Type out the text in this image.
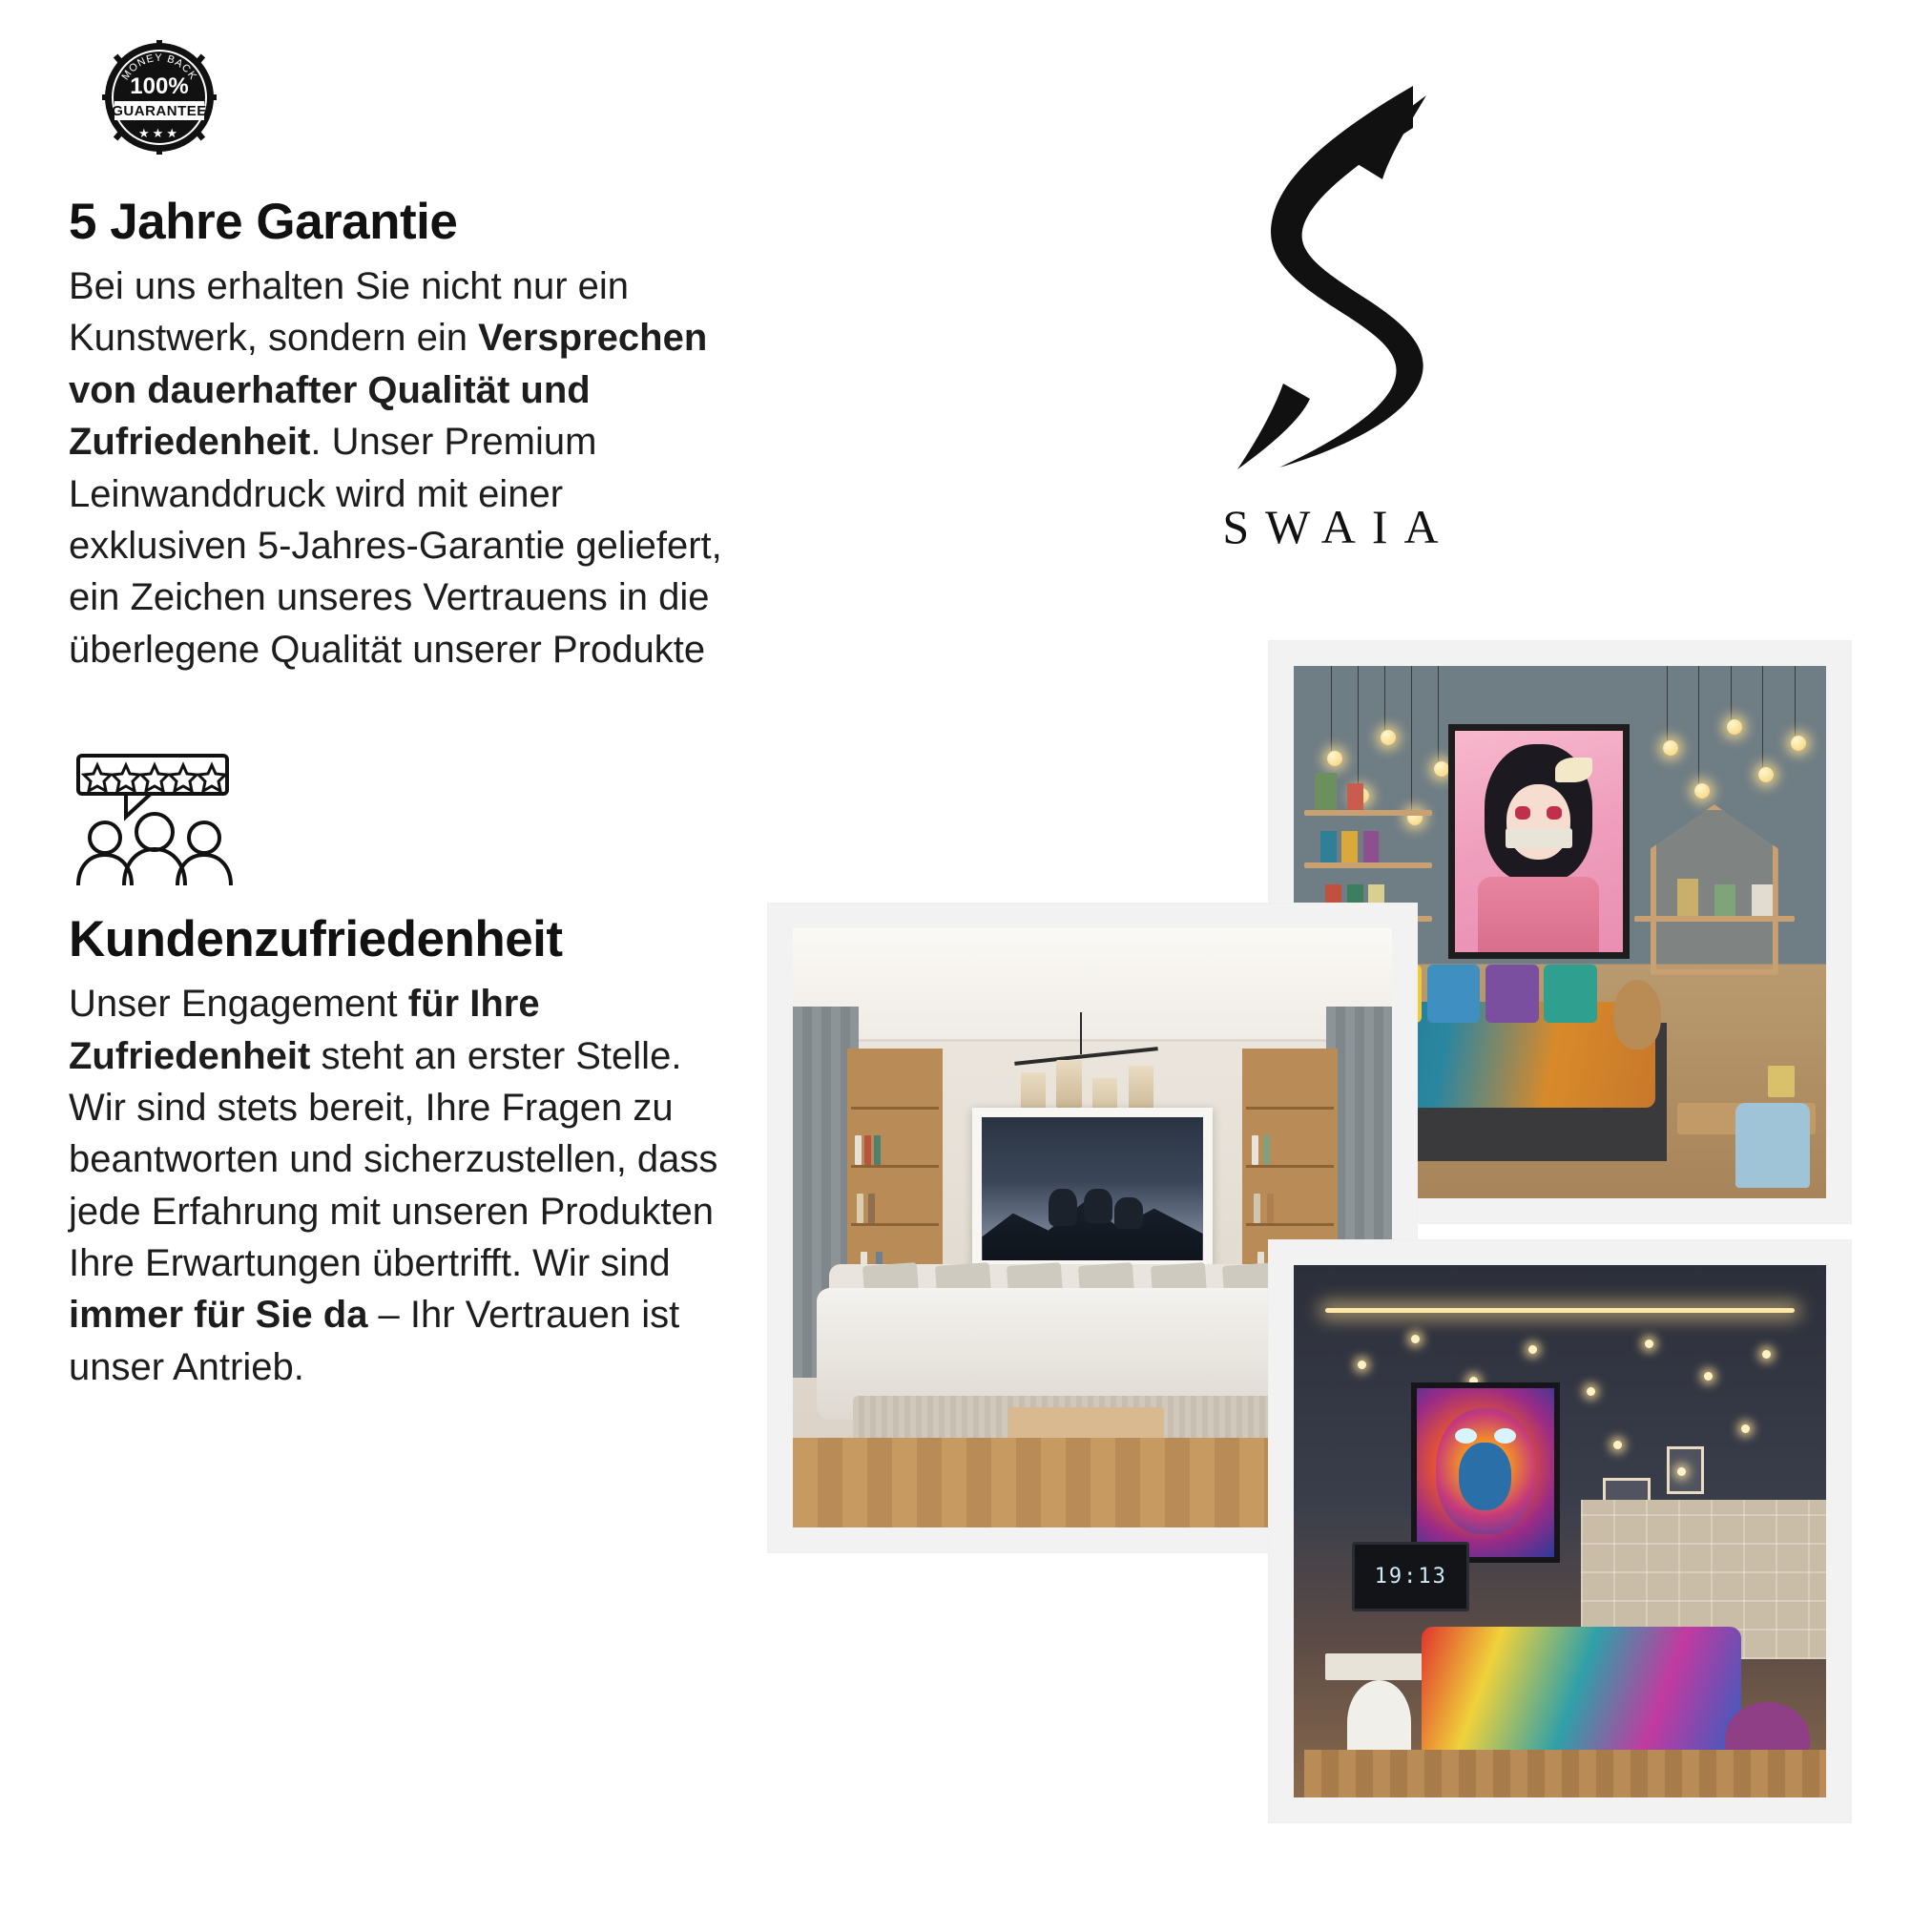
MONEY BACK
100%
GUARANTEE
★★★
5 Jahre Garantie

Bei uns erhalten Sie nicht nur ein Kunstwerk, sondern ein Versprechen von dauerhafter Qualität und Zufriedenheit. Unser Premium Leinwanddruck wird mit einer exklusiven 5-Jahres-Garantie geliefert, ein Zeichen unseres Vertrauens in die überlegene Qualität unserer Produkte

Kundenzufriedenheit

Unser Engagement für Ihre Zufriedenheit steht an erster Stelle. Wir sind stets bereit, Ihre Fragen zu beantworten und sicherzustellen, dass jede Erfahrung mit unseren Produkten Ihre Erwartungen übertrifft. Wir sind immer für Sie da – Ihr Vertrauen ist unser Antrieb.

SWAIA
19:13
